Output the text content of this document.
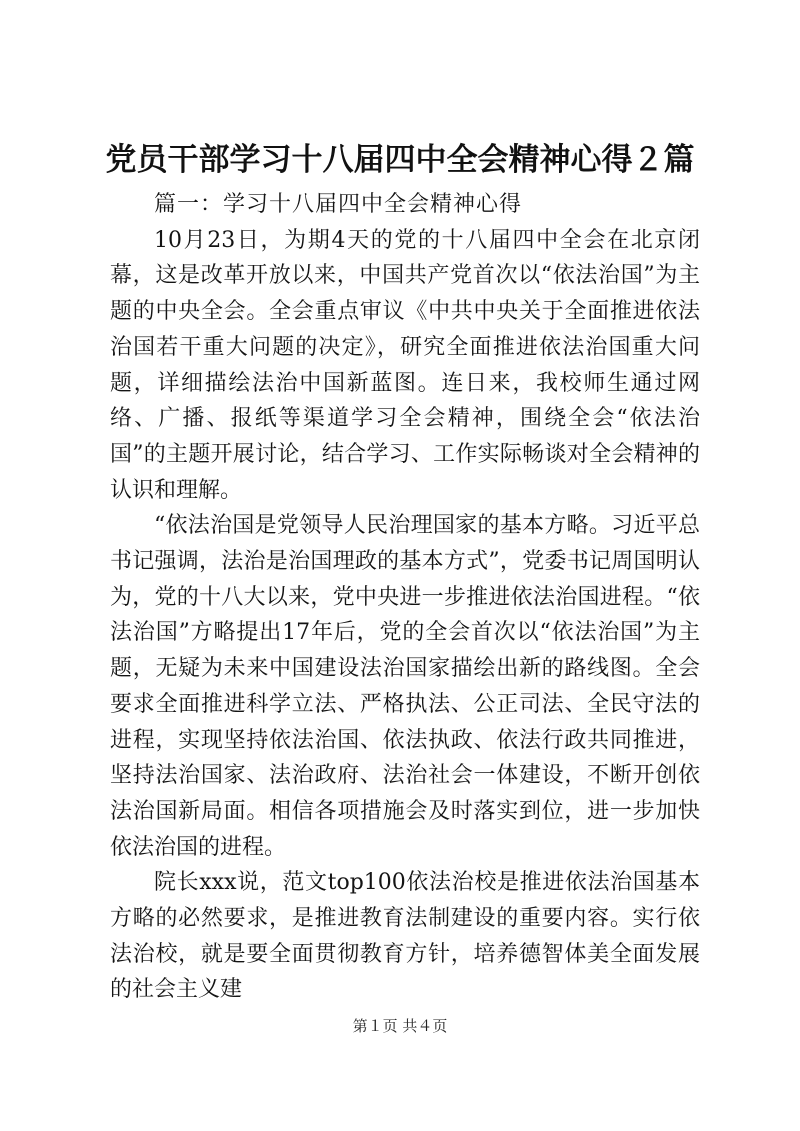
党员干部学习十八届四中全会精神心得２篇

篇一：学习十八届四中全会精神心得

10月23日，为期4天的党的十八届四中全会在北京闭幕，这是改革开放以来，中国共产党首次以“依法治国”为主题的中央全会。全会重点审议《中共中央关于全面推进依法治国若干重大问题的决定》，研究全面推进依法治国重大问题，详细描绘法治中国新蓝图。连日来，我校师生通过网络、广播、报纸等渠道学习全会精神，围绕全会“依法治国”的主题开展讨论，结合学习、工作实际畅谈对全会精神的认识和理解。

“依法治国是党领导人民治理国家的基本方略。习近平总书记强调，法治是治国理政的基本方式”，党委书记周国明认为，党的十八大以来，党中央进一步推进依法治国进程。“依法治国”方略提出17年后，党的全会首次以“依法治国”为主题，无疑为未来中国建设法治国家描绘出新的路线图。全会要求全面推进科学立法、严格执法、公正司法、全民守法的进程，实现坚持依法治国、依法执政、依法行政共同推进，坚持法治国家、法治政府、法治社会一体建设，不断开创依法治国新局面。相信各项措施会及时落实到位，进一步加快依法治国的进程。

院长xxx说，范文top100依法治校是推进依法治国基本方略的必然要求，是推进教育法制建设的重要内容。实行依法治校，就是要全面贯彻教育方针，培养德智体美全面发展的社会主义建

第１页 共４页
